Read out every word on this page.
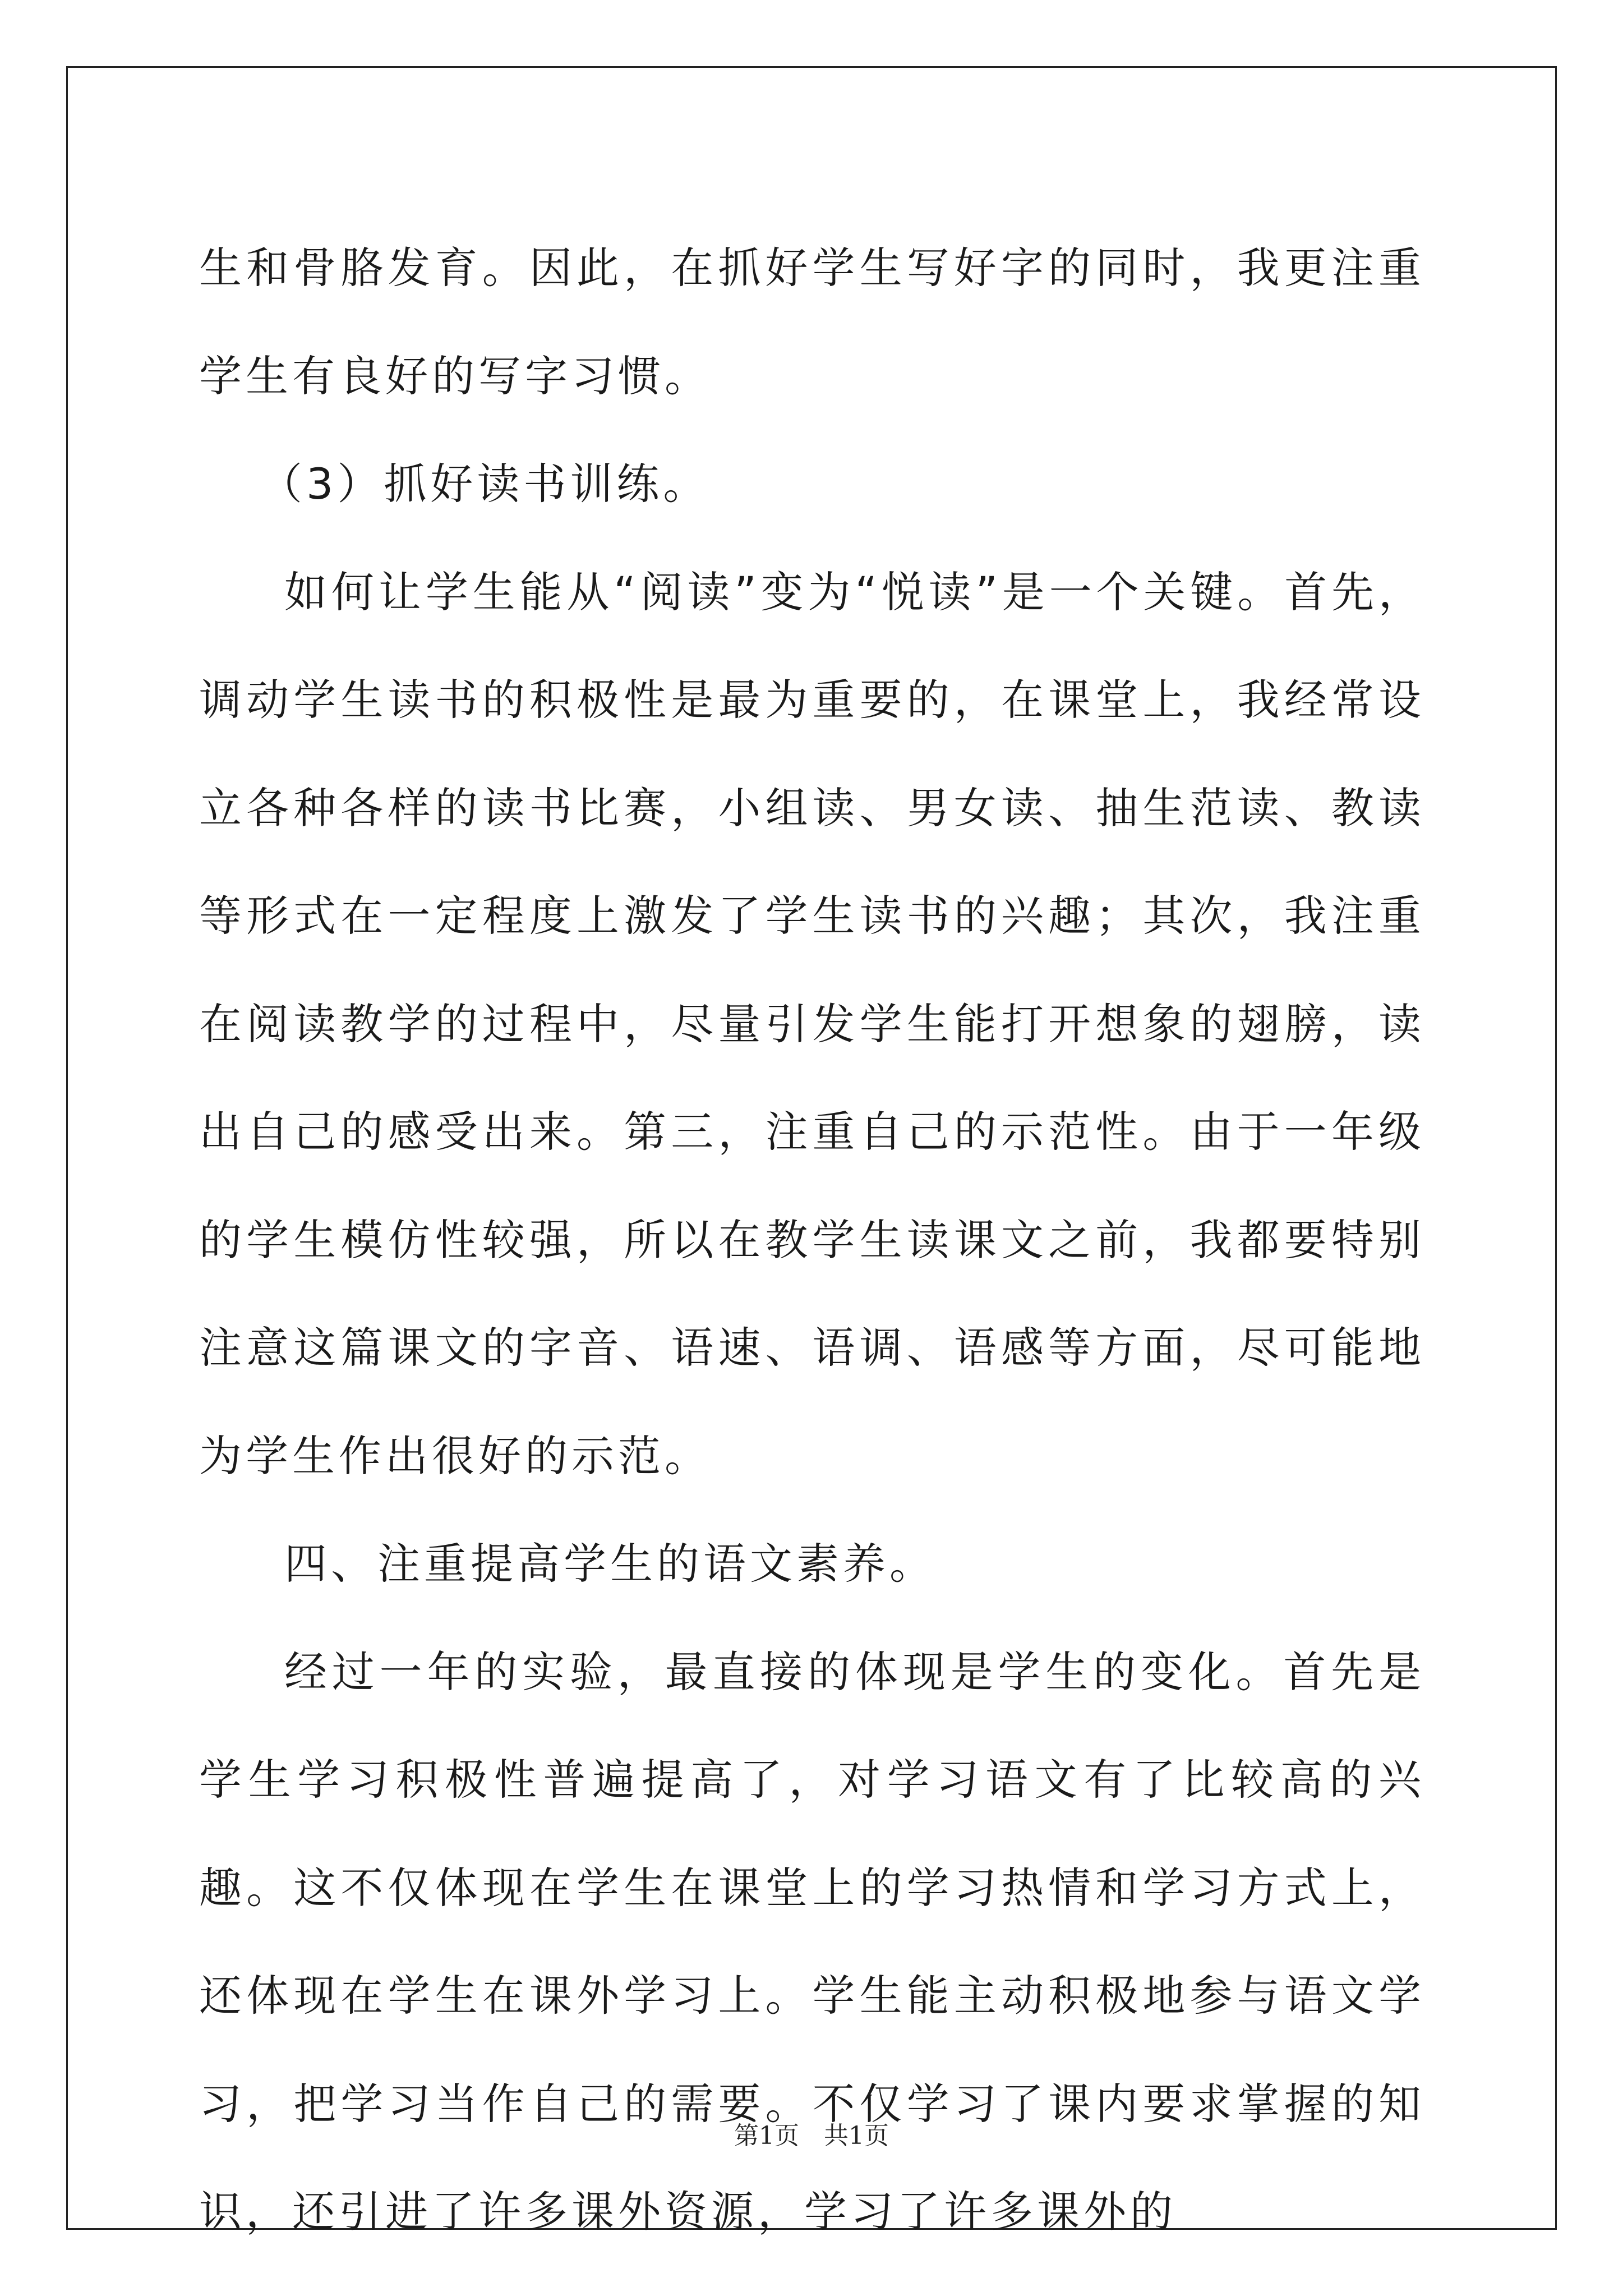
生和骨胳发育。因此，在抓好学生写好字的同时，我更注重学生有良好的写字习惯。

（3）抓好读书训练。

如何让学生能从“阅读”变为“悦读”是一个关键。首先，调动学生读书的积极性是最为重要的，在课堂上，我经常设立各种各样的读书比赛，小组读、男女读、抽生范读、教读等形式在一定程度上激发了学生读书的兴趣；其次，我注重在阅读教学的过程中，尽量引发学生能打开想象的翅膀，读出自己的感受出来。第三，注重自己的示范性。由于一年级的学生模仿性较强，所以在教学生读课文之前，我都要特别注意这篇课文的字音、语速、语调、语感等方面，尽可能地为学生作出很好的示范。

四、注重提高学生的语文素养。

经过一年的实验，最直接的体现是学生的变化。首先是学生学习积极性普遍提高了，对学习语文有了比较高的兴趣。这不仅体现在学生在课堂上的学习热情和学习方式上，还体现在学生在课外学习上。学生能主动积极地参与语文学习，把学习当作自己的需要。不仅学习了课内要求掌握的知识，还引进了许多课外资源，学习了许多课外的

第1页　共1页
